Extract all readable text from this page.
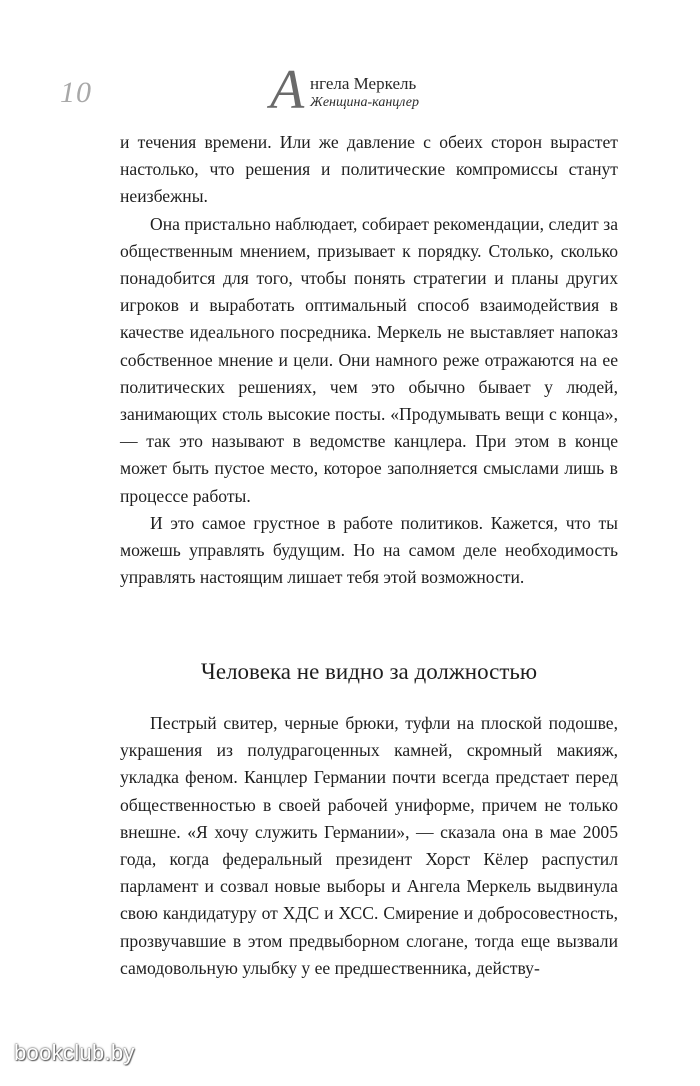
10	А нгела Меркель
Женщина-канцлер

и течения времени. Или же давление с обеих сторон вырастет настолько, что решения и политические компромиссы станут неизбежны.

Она пристально наблюдает, собирает рекомендации, следит за общественным мнением, призывает к порядку. Столько, сколько понадобится для того, чтобы понять стратегии и планы других игроков и выработать оптимальный способ взаимодействия в качестве идеального посредника. Меркель не выставляет напоказ собственное мнение и цели. Они намного реже отражаются на ее политических решениях, чем это обычно бывает у людей, занимающих столь высокие посты. «Продумывать вещи с конца», — так это называют в ведомстве канцлера. При этом в конце может быть пустое место, которое заполняется смыслами лишь в процессе работы.

И это самое грустное в работе политиков. Кажется, что ты можешь управлять будущим. Но на самом деле необходимость управлять настоящим лишает тебя этой возможности.

Человека не видно за должностью

Пестрый свитер, черные брюки, туфли на плоской подошве, украшения из полудрагоценных камней, скромный макияж, укладка феном. Канцлер Германии почти всегда предстает перед общественностью в своей рабочей униформе, причем не только внешне. «Я хочу служить Германии», — сказала она в мае 2005 года, когда федеральный президент Хорст Кёлер распустил парламент и созвал новые выборы и Ангела Меркель выдвинула свою кандидатуру от ХДС и ХСС. Смирение и добросовестность, прозвучавшие в этом предвыборном слогане, тогда еще вызвали самодовольную улыбку у ее предшественника, действу-

bookclub.by
